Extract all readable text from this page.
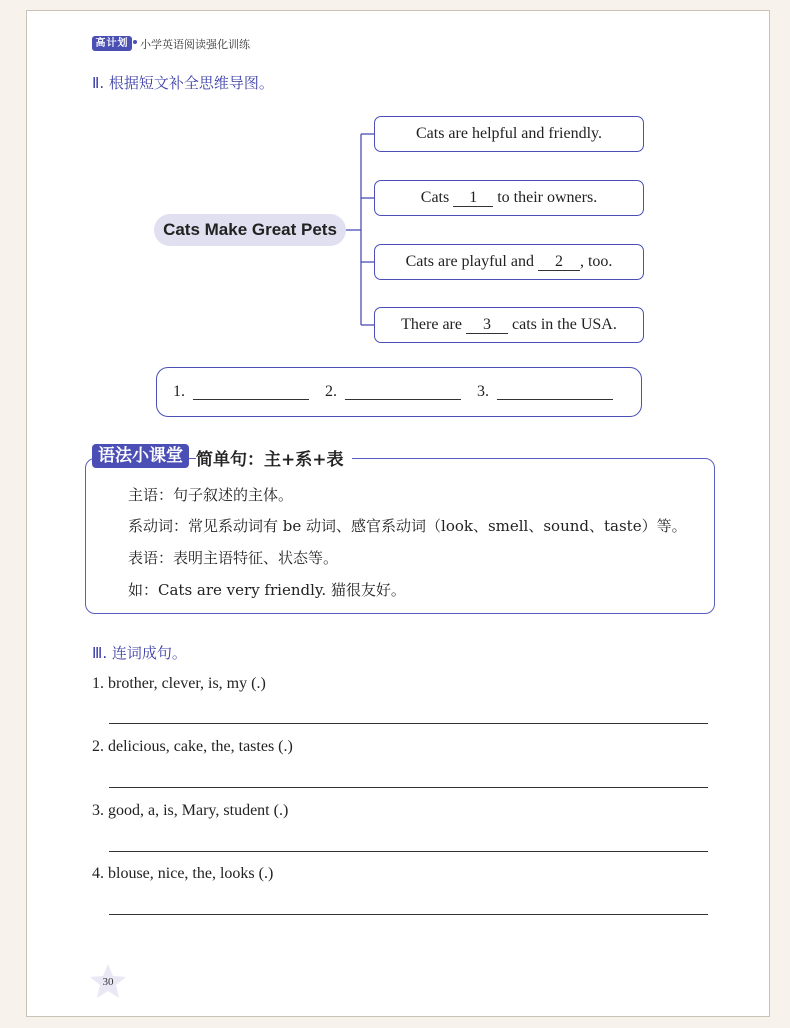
高计划	小学英语阅读强化训练
Ⅱ. 根据短文补全思维导图。
Cats Make Great Pets
Cats are helpful and friendly.
Cats	1	to their owners.
Cats are playful and	2	, too.
There are	3	cats in the USA.
1.	2.	3.
语法小课堂 简单句：主+系+表
主语：句子叙述的主体。
系动词：常见系动词有 be 动词、感官系动词（look、smell、sound、taste）等。
表语：表明主语特征、状态等。
如：Cats are very friendly. 猫很友好。
Ⅲ. 连词成句。
1. brother, clever, is, my (.)
2. delicious, cake, the, tastes (.)
3. good, a, is, Mary, student (.)
4. blouse, nice, the, looks (.)
30
